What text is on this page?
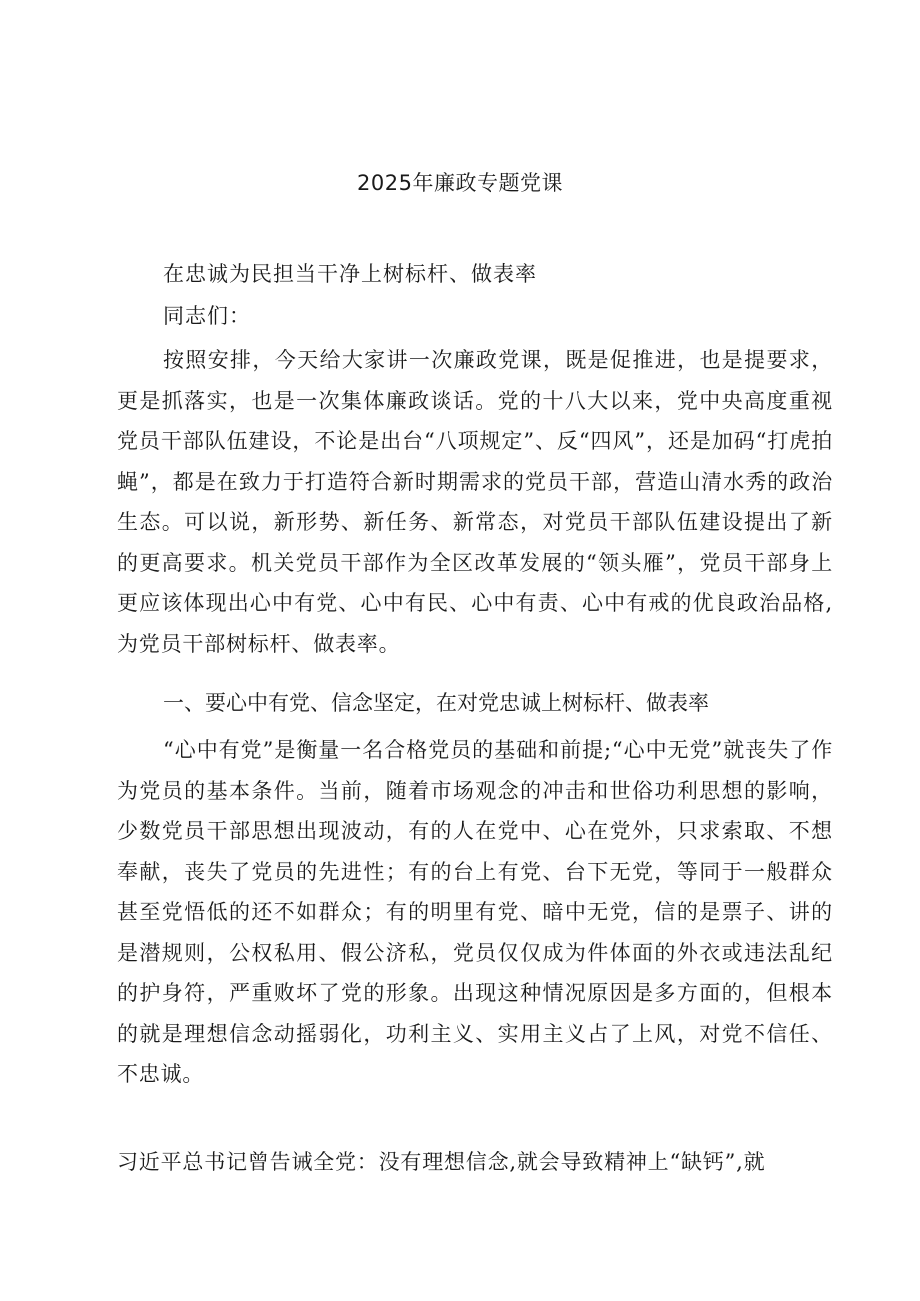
2025年廉政专题党课
在忠诚为民担当干净上树标杆、做表率
同志们：

按照安排，今天给大家讲一次廉政党课，既是促推进，也是提要求，更是抓落实，也是一次集体廉政谈话。党的十八大以来，党中央高度重视党员干部队伍建设，不论是出台“八项规定”、反“四风”，还是加码“打虎拍蝇”，都是在致力于打造符合新时期需求的党员干部，营造山清水秀的政治生态。可以说，新形势、新任务、新常态，对党员干部队伍建设提出了新的更高要求。机关党员干部作为全区改革发展的“领头雁”，党员干部身上更应该体现出心中有党、心中有民、心中有责、心中有戒的优良政治品格,为党员干部树标杆、做表率。

一、要心中有党、信念坚定，在对党忠诚上树标杆、做表率

“心中有党”是衡量一名合格党员的基础和前提;“心中无党”就丧失了作为党员的基本条件。当前，随着市场观念的冲击和世俗功利思想的影响，少数党员干部思想出现波动，有的人在党中、心在党外，只求索取、不想奉献，丧失了党员的先进性；有的台上有党、台下无党，等同于一般群众甚至党悟低的还不如群众；有的明里有党、暗中无党，信的是票子、讲的是潜规则，公权私用、假公济私，党员仅仅成为件体面的外衣或违法乱纪的护身符，严重败坏了党的形象。出现这种情况原因是多方面的，但根本的就是理想信念动摇弱化，功利主义、实用主义占了上风，对党不信任、不忠诚。

习近平总书记曾告诫全党：没有理想信念,就会导致精神上“缺钙”,就
